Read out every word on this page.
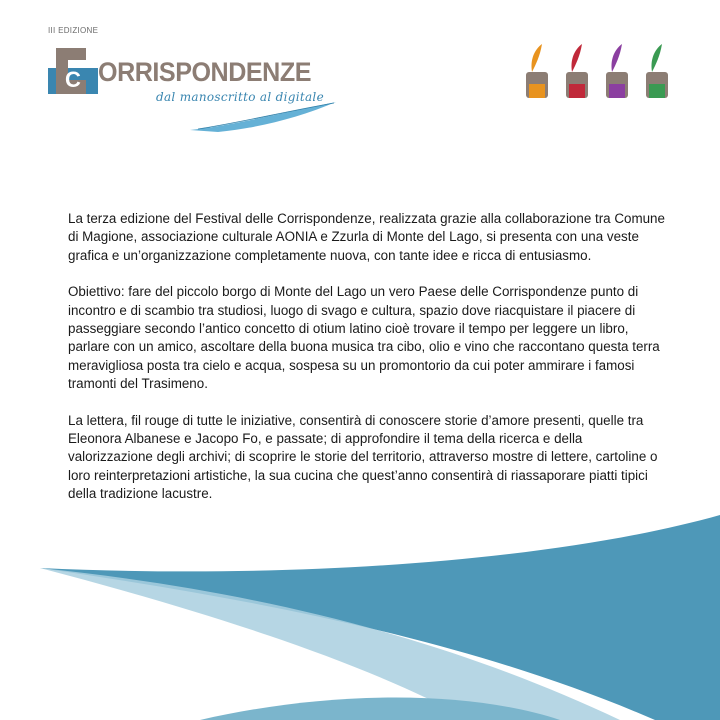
III EDIZIONE
C ORRISPONDENZE
dal manoscritto al digitale

La terza edizione del Festival delle Corrispondenze, realizzata grazie alla collaborazione tra Comune di Magione, associazione culturale AONIA e Zzurla di Monte del Lago, si presenta con una veste grafica e un’organizzazione completamente nuova, con tante idee e ricca di entusiasmo.

Obiettivo: fare del piccolo borgo di Monte del Lago un vero Paese delle Corrispondenze punto di incontro e di scambio tra studiosi, luogo di svago e cultura, spazio dove riacquistare il piacere di passeggiare secondo l’antico concetto di otium latino cioè trovare il tempo per leggere un libro, parlare con un amico, ascoltare della buona musica tra cibo, olio e vino che raccontano questa terra meravigliosa posta tra cielo e acqua, sospesa su un promontorio da cui poter ammirare i famosi tramonti del Trasimeno.

La lettera, fil rouge di tutte le iniziative, consentirà di conoscere storie d’amore presenti, quelle tra Eleonora Albanese e Jacopo Fo, e passate; di approfondire il tema della ricerca e della valorizzazione degli archivi; di scoprire le storie del territorio, attraverso mostre di lettere, cartoline o loro reinterpretazioni artistiche, la sua cucina che quest’anno consentirà di riassaporare piatti tipici della tradizione lacustre.
